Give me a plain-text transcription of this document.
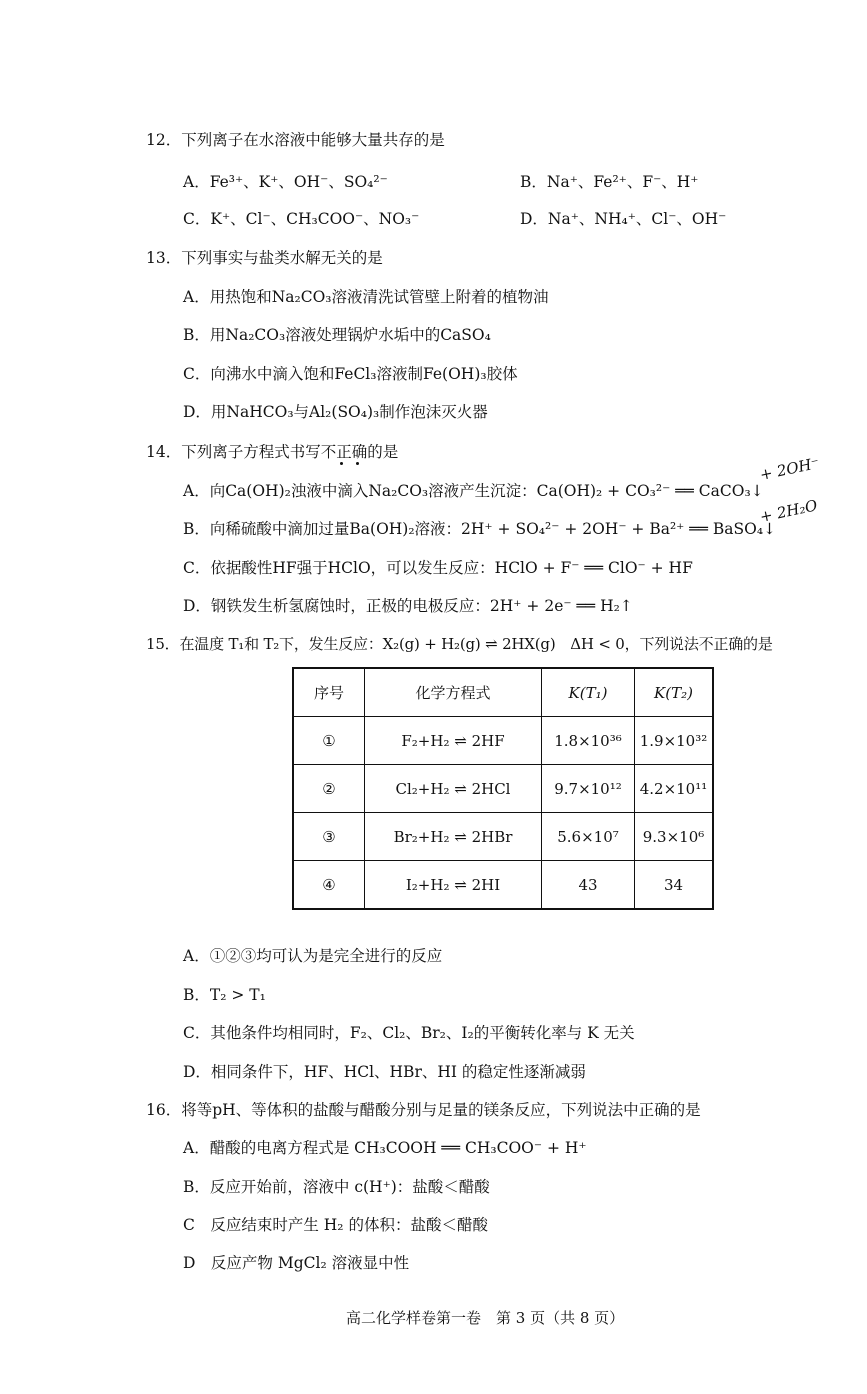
12．下列离子在水溶液中能够大量共存的是
A．Fe³⁺、K⁺、OH⁻、SO₄²⁻	B．Na⁺、Fe²⁺、F⁻、H⁺
C．K⁺、Cl⁻、CH₃COO⁻、NO₃⁻	D．Na⁺、NH₄⁺、Cl⁻、OH⁻
13．下列事实与盐类水解无关的是
A．用热饱和Na₂CO₃溶液清洗试管壁上附着的植物油
B．用Na₂CO₃溶液处理锅炉水垢中的CaSO₄
C．向沸水中滴入饱和FeCl₃溶液制Fe(OH)₃胶体
D．用NaHCO₃与Al₂(SO₄)₃制作泡沫灭火器
14．下列离子方程式书写不正确的是
A．向Ca(OH)₂浊液中滴入Na₂CO₃溶液产生沉淀：Ca(OH)₂ + CO₃²⁻ ══ CaCO₃↓
+ 2OH⁻
B．向稀硫酸中滴加过量Ba(OH)₂溶液：2H⁺ + SO₄²⁻ + 2OH⁻ + Ba²⁺ ══ BaSO₄↓
+ 2H₂O
C．依据酸性HF强于HClO，可以发生反应：HClO + F⁻ ══ ClO⁻ + HF
D．钢铁发生析氢腐蚀时，正极的电极反应：2H⁺ + 2e⁻ ══ H₂↑
15．在温度 T₁和 T₂下，发生反应：X₂(g) + H₂(g) ⇌ 2HX(g)　ΔH < 0，下列说法不正确的是
序号	化学方程式	K(T₁)	K(T₂)
①	F₂+H₂ ⇌ 2HF	1.8×10³⁶	1.9×10³²
②	Cl₂+H₂ ⇌ 2HCl	9.7×10¹²	4.2×10¹¹
③	Br₂+H₂ ⇌ 2HBr	5.6×10⁷	9.3×10⁶
④	I₂+H₂ ⇌ 2HI	43	34
A．①②③均可认为是完全进行的反应
B．T₂ > T₁
C．其他条件均相同时，F₂、Cl₂、Br₂、I₂的平衡转化率与 K 无关
D．相同条件下，HF、HCl、HBr、HI 的稳定性逐渐减弱
16．将等pH、等体积的盐酸与醋酸分别与足量的镁条反应，下列说法中正确的是
A．醋酸的电离方程式是 CH₃COOH ══ CH₃COO⁻ + H⁺
B．反应开始前，溶液中 c(H⁺)：盐酸＜醋酸
C　反应结束时产生 H₂ 的体积：盐酸＜醋酸
D　反应产物 MgCl₂ 溶液显中性
高二化学样卷第一卷　第 3 页（共 8 页）
